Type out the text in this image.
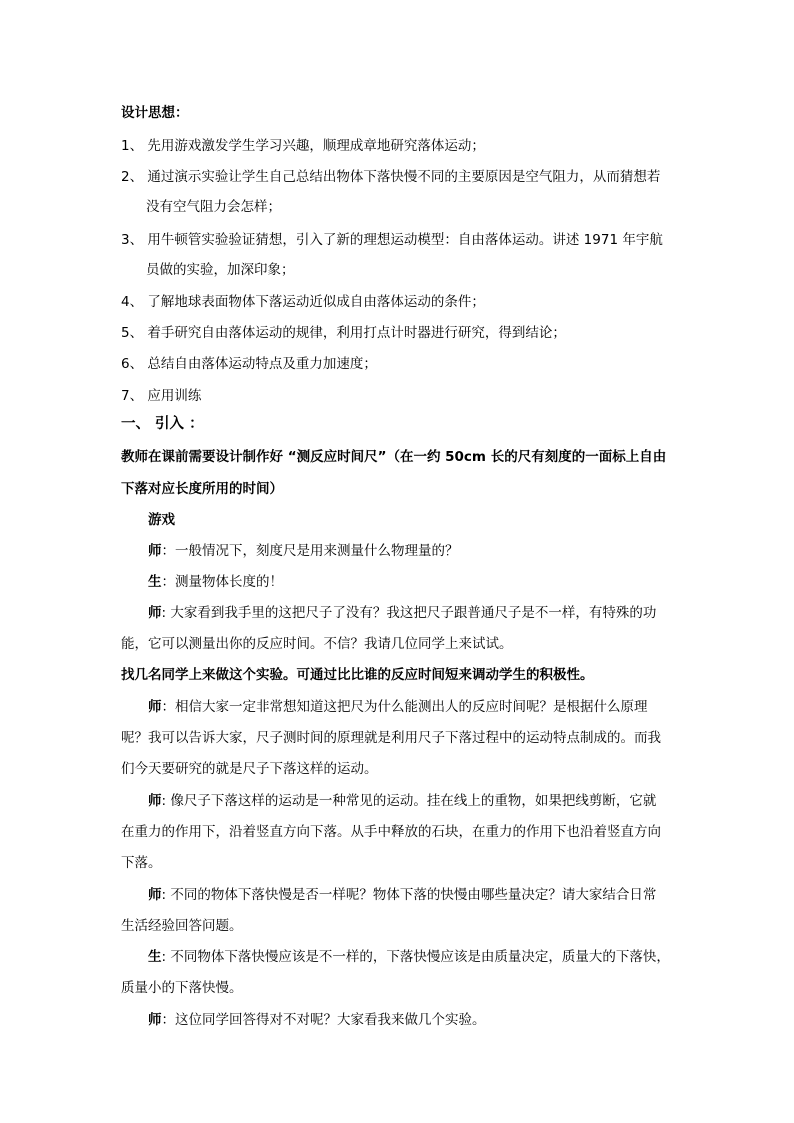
设计思想：
1、 先用游戏激发学生学习兴趣，顺理成章地研究落体运动；
2、 通过演示实验让学生自己总结出物体下落快慢不同的主要原因是空气阻力，从而猜想若
没有空气阻力会怎样；
3、 用牛顿管实验验证猜想，引入了新的理想运动模型：自由落体运动。讲述 1971 年宇航
员做的实验，加深印象；
4、 了解地球表面物体下落运动近似成自由落体运动的条件；
5、 着手研究自由落体运动的规律，利用打点计时器进行研究，得到结论；
6、 总结自由落体运动特点及重力加速度；
7、 应用训练
一、 引入 ：
教师在课前需要设计制作好 “测反应时间尺”（在一约 50cm 长的尺有刻度的一面标上自由
下落对应长度所用的时间）
游戏
师：一般情况下，刻度尺是用来测量什么物理量的？
生：测量物体长度的！
师: 大家看到我手里的这把尺子了没有？我这把尺子跟普通尺子是不一样，有特殊的功
能，它可以测量出你的反应时间。不信？我请几位同学上来试试。
找几名同学上来做这个实验。可通过比比谁的反应时间短来调动学生的积极性。
师：相信大家一定非常想知道这把尺为什么能测出人的反应时间呢？是根据什么原理
呢？我可以告诉大家，尺子测时间的原理就是利用尺子下落过程中的运动特点制成的。而我
们今天要研究的就是尺子下落这样的运动。
师: 像尺子下落这样的运动是一种常见的运动。挂在线上的重物，如果把线剪断，它就
在重力的作用下，沿着竖直方向下落。从手中释放的石块，在重力的作用下也沿着竖直方向
下落。
师: 不同的物体下落快慢是否一样呢？物体下落的快慢由哪些量决定？请大家结合日常
生活经验回答问题。
生: 不同物体下落快慢应该是不一样的，下落快慢应该是由质量决定，质量大的下落快，
质量小的下落快慢。
师：这位同学回答得对不对呢？大家看我来做几个实验。
